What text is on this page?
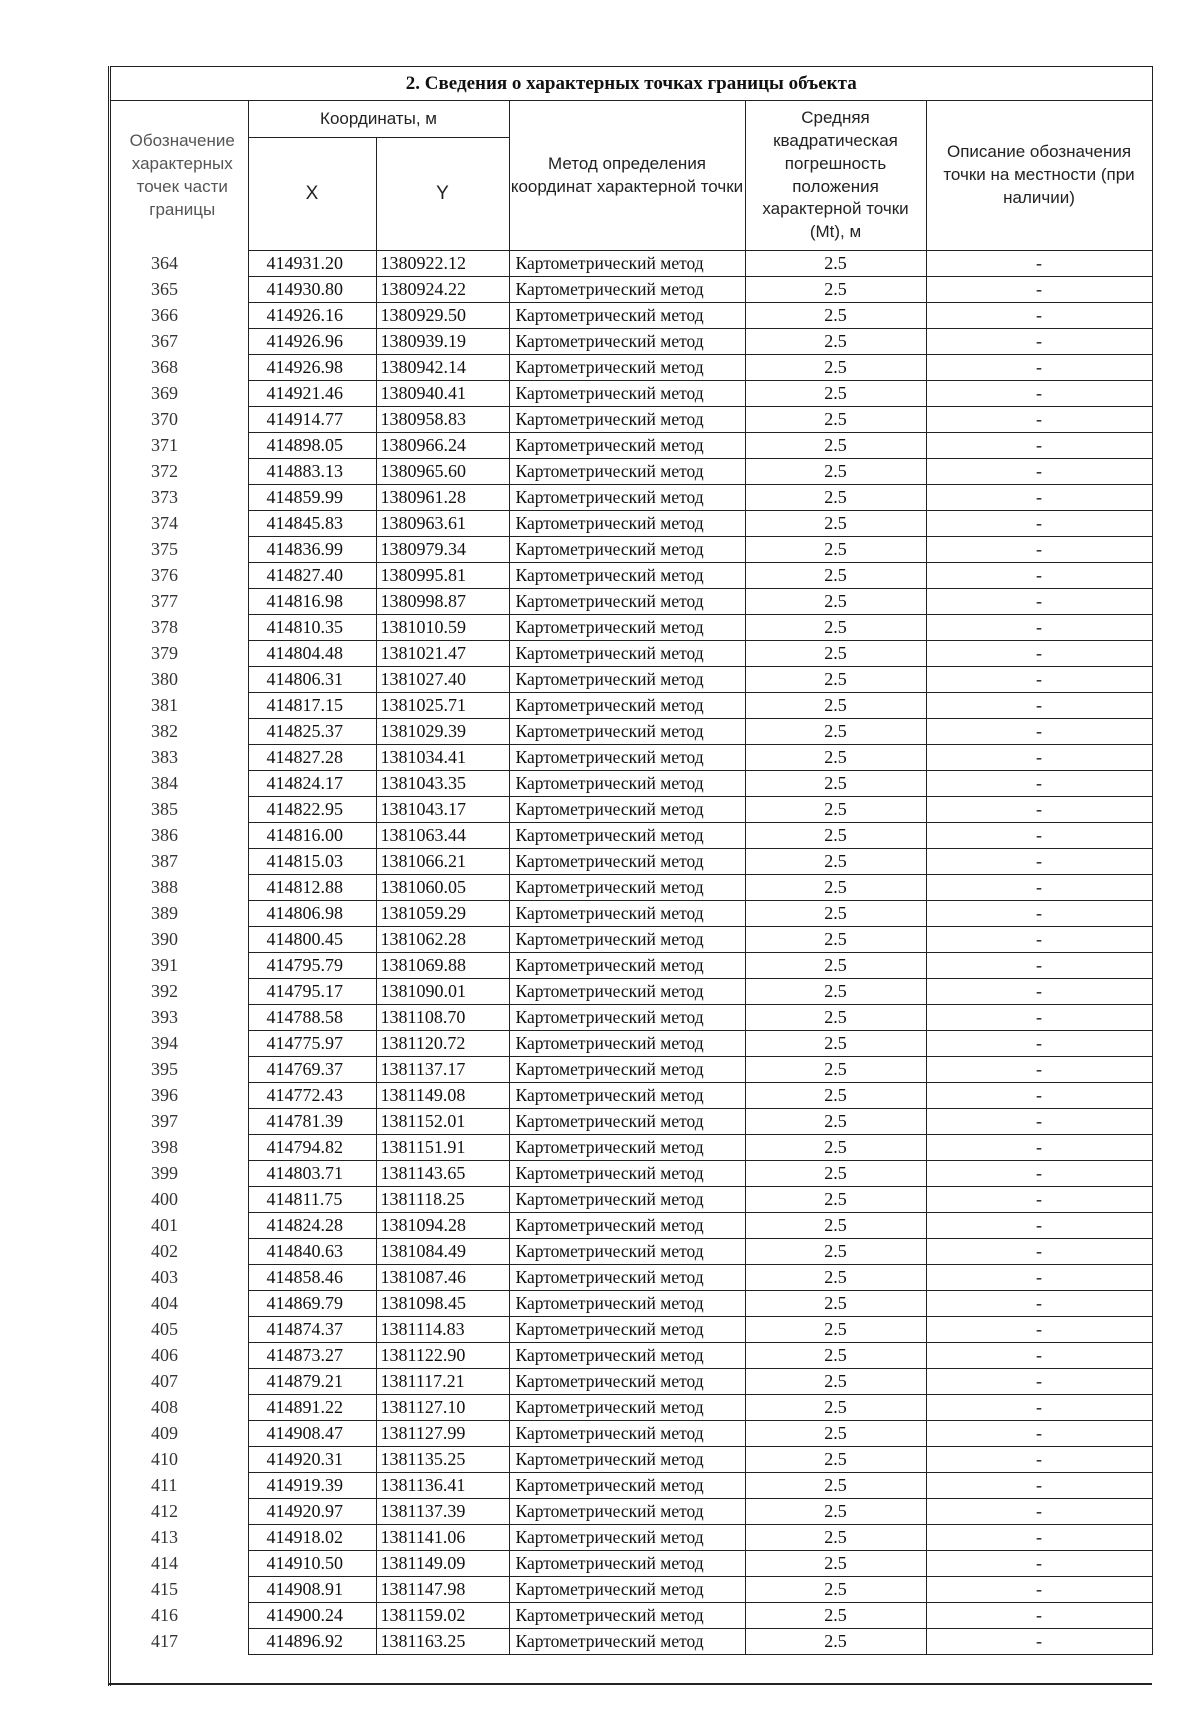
2. Сведения о характерных точках границы объекта					
Обозначение характерных точек части границы	Координаты, м		Метод определения координат характерной точки	Средняя квадратическая погрешность положения характерной точки (Mt), м	Описание обозначения точки на местности (при наличии)
	X	Y			
364	414931.20	1380922.12	Картометрический метод	2.5	-
365	414930.80	1380924.22	Картометрический метод	2.5	-
366	414926.16	1380929.50	Картометрический метод	2.5	-
367	414926.96	1380939.19	Картометрический метод	2.5	-
368	414926.98	1380942.14	Картометрический метод	2.5	-
369	414921.46	1380940.41	Картометрический метод	2.5	-
370	414914.77	1380958.83	Картометрический метод	2.5	-
371	414898.05	1380966.24	Картометрический метод	2.5	-
372	414883.13	1380965.60	Картометрический метод	2.5	-
373	414859.99	1380961.28	Картометрический метод	2.5	-
374	414845.83	1380963.61	Картометрический метод	2.5	-
375	414836.99	1380979.34	Картометрический метод	2.5	-
376	414827.40	1380995.81	Картометрический метод	2.5	-
377	414816.98	1380998.87	Картометрический метод	2.5	-
378	414810.35	1381010.59	Картометрический метод	2.5	-
379	414804.48	1381021.47	Картометрический метод	2.5	-
380	414806.31	1381027.40	Картометрический метод	2.5	-
381	414817.15	1381025.71	Картометрический метод	2.5	-
382	414825.37	1381029.39	Картометрический метод	2.5	-
383	414827.28	1381034.41	Картометрический метод	2.5	-
384	414824.17	1381043.35	Картометрический метод	2.5	-
385	414822.95	1381043.17	Картометрический метод	2.5	-
386	414816.00	1381063.44	Картометрический метод	2.5	-
387	414815.03	1381066.21	Картометрический метод	2.5	-
388	414812.88	1381060.05	Картометрический метод	2.5	-
389	414806.98	1381059.29	Картометрический метод	2.5	-
390	414800.45	1381062.28	Картометрический метод	2.5	-
391	414795.79	1381069.88	Картометрический метод	2.5	-
392	414795.17	1381090.01	Картометрический метод	2.5	-
393	414788.58	1381108.70	Картометрический метод	2.5	-
394	414775.97	1381120.72	Картометрический метод	2.5	-
395	414769.37	1381137.17	Картометрический метод	2.5	-
396	414772.43	1381149.08	Картометрический метод	2.5	-
397	414781.39	1381152.01	Картометрический метод	2.5	-
398	414794.82	1381151.91	Картометрический метод	2.5	-
399	414803.71	1381143.65	Картометрический метод	2.5	-
400	414811.75	1381118.25	Картометрический метод	2.5	-
401	414824.28	1381094.28	Картометрический метод	2.5	-
402	414840.63	1381084.49	Картометрический метод	2.5	-
403	414858.46	1381087.46	Картометрический метод	2.5	-
404	414869.79	1381098.45	Картометрический метод	2.5	-
405	414874.37	1381114.83	Картометрический метод	2.5	-
406	414873.27	1381122.90	Картометрический метод	2.5	-
407	414879.21	1381117.21	Картометрический метод	2.5	-
408	414891.22	1381127.10	Картометрический метод	2.5	-
409	414908.47	1381127.99	Картометрический метод	2.5	-
410	414920.31	1381135.25	Картометрический метод	2.5	-
411	414919.39	1381136.41	Картометрический метод	2.5	-
412	414920.97	1381137.39	Картометрический метод	2.5	-
413	414918.02	1381141.06	Картометрический метод	2.5	-
414	414910.50	1381149.09	Картометрический метод	2.5	-
415	414908.91	1381147.98	Картометрический метод	2.5	-
416	414900.24	1381159.02	Картометрический метод	2.5	-
417	414896.92	1381163.25	Картометрический метод	2.5	-
